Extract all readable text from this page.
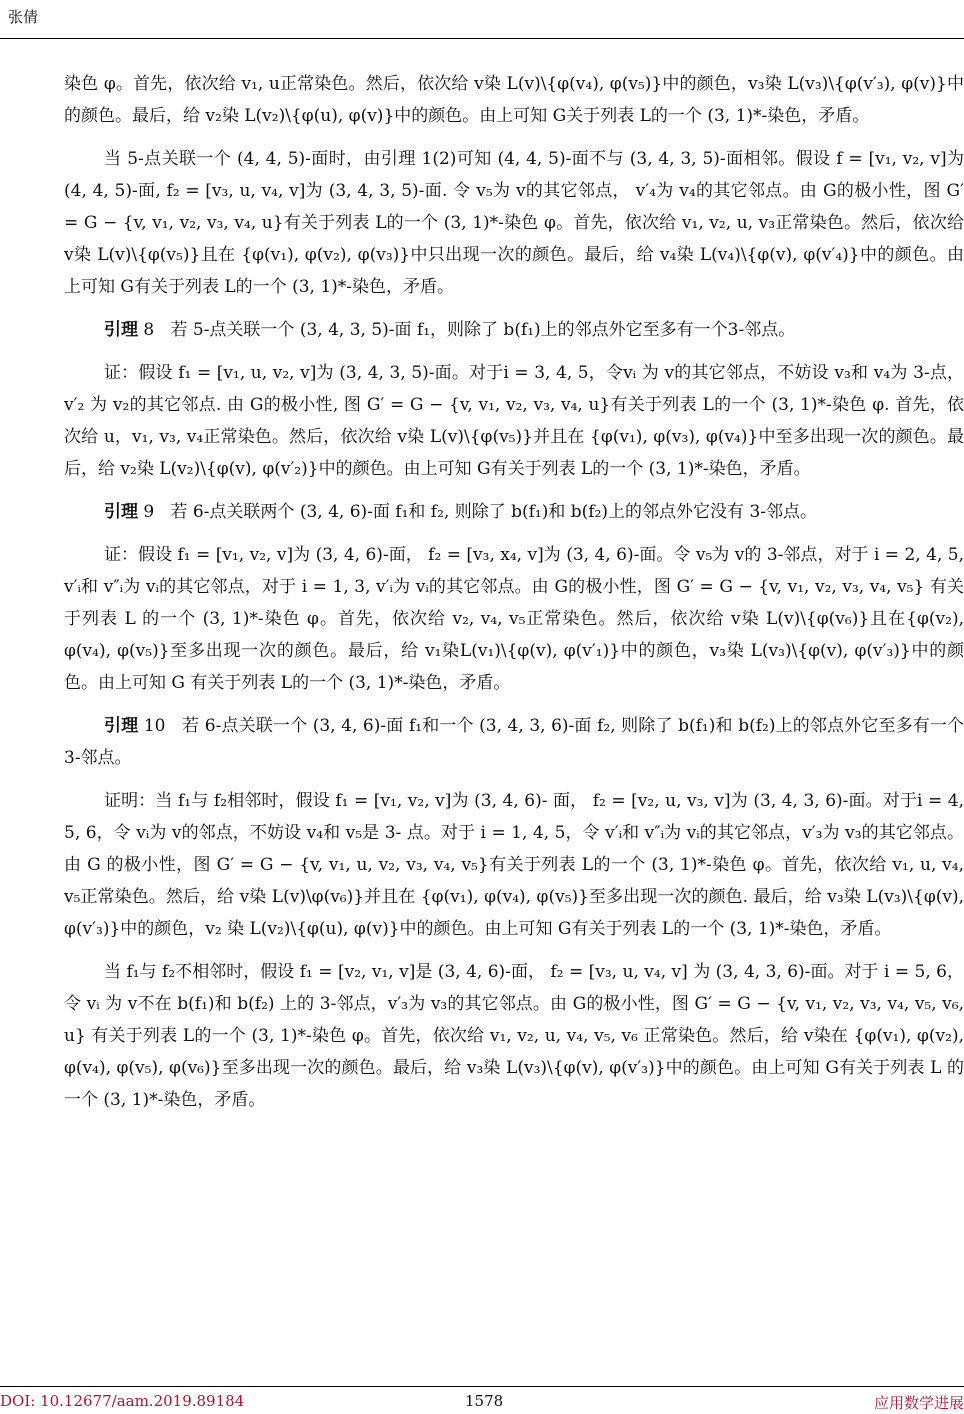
张倩

染色 φ。首先，依次给 v₁, u正常染色。然后，依次给 v染 L(v)\{φ(v₄), φ(v₅)}中的颜色，v₃染 L(v₃)\{φ(v′₃), φ(v)}中的颜色。最后，给 v₂染 L(v₂)\{φ(u), φ(v)}中的颜色。由上可知 G关于列表 L的一个 (3, 1)*-染色，矛盾。

当 5-点关联一个 (4, 4, 5)-面时，由引理 1(2)可知 (4, 4, 5)-面不与 (3, 4, 3, 5)-面相邻。假设 f = [v₁, v₂, v]为 (4, 4, 5)-面, f₂ = [v₃, u, v₄, v]为 (3, 4, 3, 5)-面. 令 v₅为 v的其它邻点， v′₄为 v₄的其它邻点。由 G的极小性，图 G′ = G − {v, v₁, v₂, v₃, v₄, u}有关于列表 L的一个 (3, 1)*-染色 φ。首先，依次给 v₁, v₂, u, v₃正常染色。然后，依次给 v染 L(v)\{φ(v₅)}且在 {φ(v₁), φ(v₂), φ(v₃)}中只出现一次的颜色。最后，给 v₄染 L(v₄)\{φ(v), φ(v′₄)}中的颜色。由上可知 G有关于列表 L的一个 (3, 1)*-染色，矛盾。

引理 8 若 5-点关联一个 (3, 4, 3, 5)-面 f₁，则除了 b(f₁)上的邻点外它至多有一个3-邻点。

证：假设 f₁ = [v₁, u, v₂, v]为 (3, 4, 3, 5)-面。对于i = 3, 4, 5，令vᵢ 为 v的其它邻点，不妨设 v₃和 v₄为 3-点， v′₂ 为 v₂的其它邻点. 由 G的极小性, 图 G′ = G − {v, v₁, v₂, v₃, v₄, u}有关于列表 L的一个 (3, 1)*-染色 φ. 首先，依次给 u，v₁, v₃, v₄正常染色。然后，依次给 v染 L(v)\{φ(v₅)}并且在 {φ(v₁), φ(v₃), φ(v₄)}中至多出现一次的颜色。最后，给 v₂染 L(v₂)\{φ(v), φ(v′₂)}中的颜色。由上可知 G有关于列表 L的一个 (3, 1)*-染色，矛盾。

引理 9 若 6-点关联两个 (3, 4, 6)-面 f₁和 f₂, 则除了 b(f₁)和 b(f₂)上的邻点外它没有 3-邻点。

证：假设 f₁ = [v₁, v₂, v]为 (3, 4, 6)-面， f₂ = [v₃, x₄, v]为 (3, 4, 6)-面。令 v₅为 v的 3-邻点，对于 i = 2, 4, 5, v′ᵢ和 v″ᵢ为 vᵢ的其它邻点，对于 i = 1, 3, v′ᵢ为 vᵢ的其它邻点。由 G的极小性，图 G′ = G − {v, v₁, v₂, v₃, v₄, v₅} 有关于列表 L 的一个 (3, 1)*-染色 φ。首先，依次给 v₂, v₄, v₅正常染色。然后，依次给 v染 L(v)\{φ(v₆)}且在{φ(v₂), φ(v₄), φ(v₅)}至多出现一次的颜色。最后，给 v₁染L(v₁)\{φ(v), φ(v′₁)}中的颜色，v₃染 L(v₃)\{φ(v), φ(v′₃)}中的颜色。由上可知 G 有关于列表 L的一个 (3, 1)*-染色，矛盾。

引理 10 若 6-点关联一个 (3, 4, 6)-面 f₁和一个 (3, 4, 3, 6)-面 f₂, 则除了 b(f₁)和 b(f₂)上的邻点外它至多有一个 3-邻点。

证明：当 f₁与 f₂相邻时，假设 f₁ = [v₁, v₂, v]为 (3, 4, 6)- 面， f₂ = [v₂, u, v₃, v]为 (3, 4, 3, 6)-面。对于i = 4, 5, 6，令 vᵢ为 v的邻点，不妨设 v₄和 v₅是 3- 点。对于 i = 1, 4, 5，令 v′ᵢ和 v″ᵢ为 vᵢ的其它邻点，v′₃为 v₃的其它邻点。由 G 的极小性，图 G′ = G − {v, v₁, u, v₂, v₃, v₄, v₅}有关于列表 L的一个 (3, 1)*-染色 φ。首先，依次给 v₁, u, v₄, v₅正常染色。然后，给 v染 L(v)\φ(v₆)}并且在 {φ(v₁), φ(v₄), φ(v₅)}至多出现一次的颜色. 最后，给 v₃染 L(v₃)\{φ(v), φ(v′₃)}中的颜色，v₂ 染 L(v₂)\{φ(u), φ(v)}中的颜色。由上可知 G有关于列表 L的一个 (3, 1)*-染色，矛盾。

当 f₁与 f₂不相邻时，假设 f₁ = [v₂, v₁, v]是 (3, 4, 6)-面， f₂ = [v₃, u, v₄, v] 为 (3, 4, 3, 6)-面。对于 i = 5, 6，令 vᵢ 为 v不在 b(f₁)和 b(f₂) 上的 3-邻点，v′₃为 v₃的其它邻点。由 G的极小性，图 G′ = G − {v, v₁, v₂, v₃, v₄, v₅, v₆, u} 有关于列表 L的一个 (3, 1)*-染色 φ。首先，依次给 v₁, v₂, u, v₄, v₅, v₆ 正常染色。然后，给 v染在 {φ(v₁), φ(v₂), φ(v₄), φ(v₅), φ(v₆)}至多出现一次的颜色。最后，给 v₃染 L(v₃)\{φ(v), φ(v′₃)}中的颜色。由上可知 G有关于列表 L 的一个 (3, 1)*-染色，矛盾。

DOI: 10.12677/aam.2019.89184	1578	应用数学进展
